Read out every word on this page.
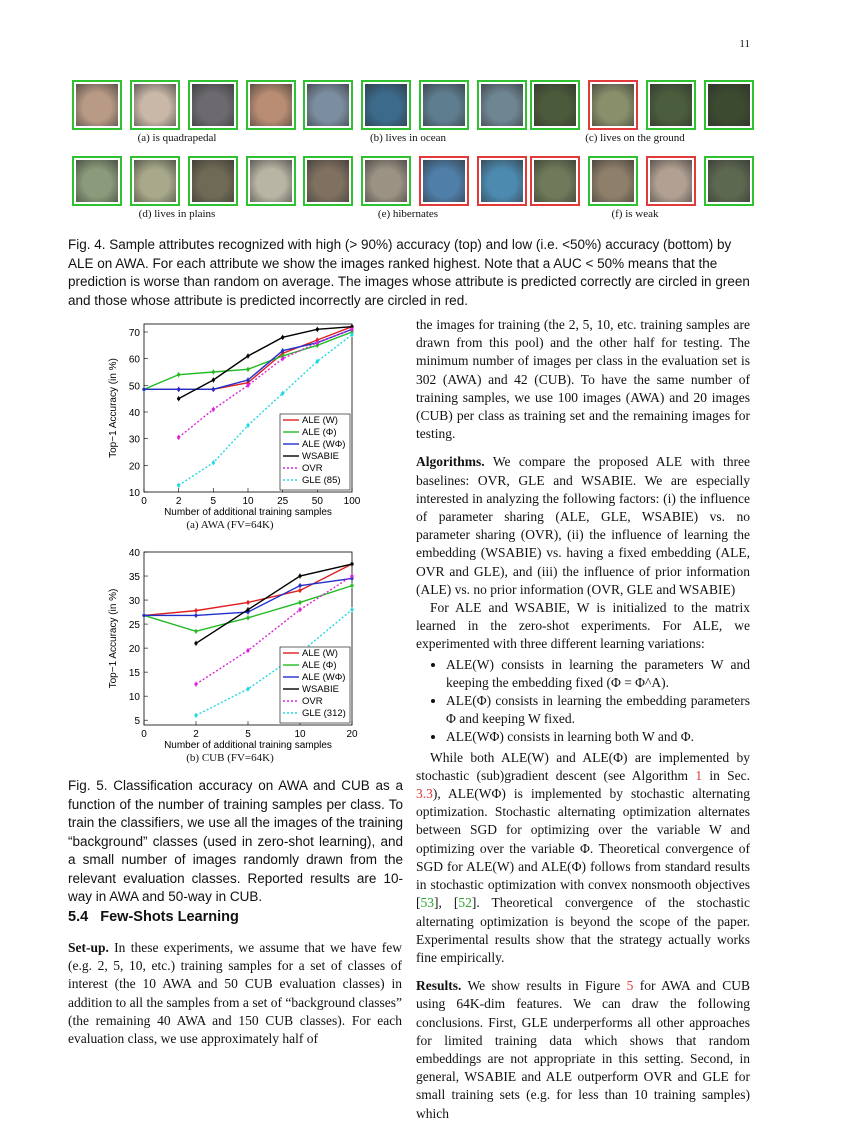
11
(a) is quadrapedal	(b) lives in ocean	(c) lives on the ground
(d) lives in plains	(e) hibernates	(f) is weak
Fig. 4. Sample attributes recognized with high (> 90%) accuracy (top) and low (i.e. <50%) accuracy (bottom) by ALE on AWA. For each attribute we show the images ranked highest. Note that a AUC < 50% means that the prediction is worse than random on average. The images whose attribute is predicted correctly are circled in green and those whose attribute is predicted incorrectly are circled in red.
10
20
30
40
50
60
70
0	2	5	10 25 50 100
Number of additional training samples
Top−1 Accuracy (in %)	ALE (W)
ALE (Φ)
ALE (WΦ)
WSABIE
OVR
GLE (85)
(a) AWA (FV=64K)
5
10
15
20
25
30
35
40
0	2	5	10	20
Number of additional training samples
Top−1 Accuracy (in %)	ALE (W)
ALE (Φ)
ALE (WΦ)
WSABIE
OVR
GLE (312)
(b) CUB (FV=64K)
Fig. 5. Classification accuracy on AWA and CUB as a function of the number of training samples per class. To train the classifiers, we use all the images of the training “background” classes (used in zero-shot learning), and a small number of images randomly drawn from the relevant evaluation classes. Reported results are 10-way in AWA and 50-way in CUB.
5.4 Few-Shots Learning

Set-up. In these experiments, we assume that we have few (e.g. 2, 5, 10, etc.) training samples for a set of classes of interest (the 10 AWA and 50 CUB evaluation classes) in addition to all the samples from a set of “background classes” (the remaining 40 AWA and 150 CUB classes). For each evaluation class, we use approximately half of

the images for training (the 2, 5, 10, etc. training samples are drawn from this pool) and the other half for testing. The minimum number of images per class in the evaluation set is 302 (AWA) and 42 (CUB). To have the same number of training samples, we use 100 images (AWA) and 20 images (CUB) per class as training set and the remaining images for testing.

Algorithms. We compare the proposed ALE with three baselines: OVR, GLE and WSABIE. We are especially interested in analyzing the following factors: (i) the influence of parameter sharing (ALE, GLE, WSABIE) vs. no parameter sharing (OVR), (ii) the influence of learning the embedding (WSABIE) vs. having a fixed embedding (ALE, OVR and GLE), and (iii) the influence of prior information (ALE) vs. no prior information (OVR, GLE and WSABIE)

For ALE and WSABIE, W is initialized to the matrix learned in the zero-shot experiments. For ALE, we experimented with three different learning variations:

• ALE(W) consists in learning the parameters W and keeping the embedding fixed (Φ = Φ^A).
• ALE(Φ) consists in learning the embedding parameters Φ and keeping W fixed.
• ALE(WΦ) consists in learning both W and Φ.

While both ALE(W) and ALE(Φ) are implemented by stochastic (sub)gradient descent (see Algorithm 1 in Sec. 3.3), ALE(WΦ) is implemented by stochastic alternating optimization. Stochastic alternating optimization alternates between SGD for optimizing over the variable W and optimizing over the variable Φ. Theoretical convergence of SGD for ALE(W) and ALE(Φ) follows from standard results in stochastic optimization with convex nonsmooth objectives [53], [52]. Theoretical convergence of the stochastic alternating optimization is beyond the scope of the paper. Experimental results show that the strategy actually works fine empirically.

Results. We show results in Figure 5 for AWA and CUB using 64K-dim features. We can draw the following conclusions. First, GLE underperforms all other approaches for limited training data which shows that random embeddings are not appropriate in this setting. Second, in general, WSABIE and ALE outperform OVR and GLE for small training sets (e.g. for less than 10 training samples) which
